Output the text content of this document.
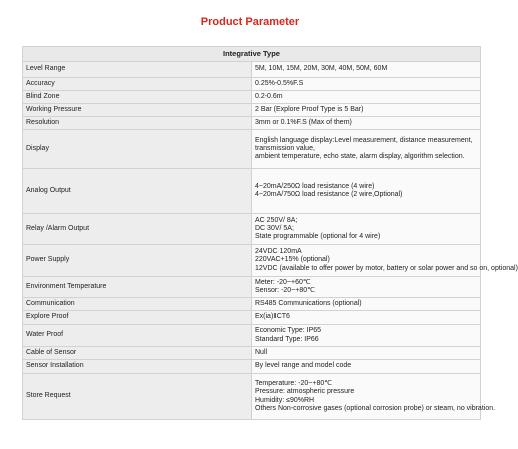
Product Parameter
Integrative Type	
Level Range	5M, 10M, 15M, 20M, 30M, 40M, 50M, 60M

Accuracy	0.25%-0.5%F.S

Blind Zone	0.2-0.6m

Working Pressure	2 Bar (Explore Proof Type is 5 Bar)

Resolution	3mm or 0.1%F.S (Max of them)

Display	English language display:Level measurement, distance measurement,
transmission value,
ambient temperature, echo state, alarm display, algorithm selection.

Analog Output	4~20mA/250Ω load resistance (4 wire)
4~20mA/750Ω load resistance (2 wire,Optional)

Relay /Alarm Output	AC 250V/ 8A;
DC 30V/ 5A;
State programmable (optional for 4 wire)

Power Supply	24VDC 120mA
220VAC+15% (optional)
12VDC (available to offer power by motor, battery or solar power and so on, optional)

Environment Temperature	Meter: -20~+60℃
Sensor: -20~+80℃

Communication	RS485 Communications (optional)

Explore Proof	Ex(ia)ⅡCT6

Water Proof	Economic Type: IP65
Standard Type: IP66

Cable of Sensor	Null

Sensor Installation	By level range and model code

Store Request	Temperature: -20~+80℃
Pressure: atmospheric pressure
Humidity: ≤90%RH
Others Non-corrosive gases (optional corrosion probe) or steam, no vibration.
